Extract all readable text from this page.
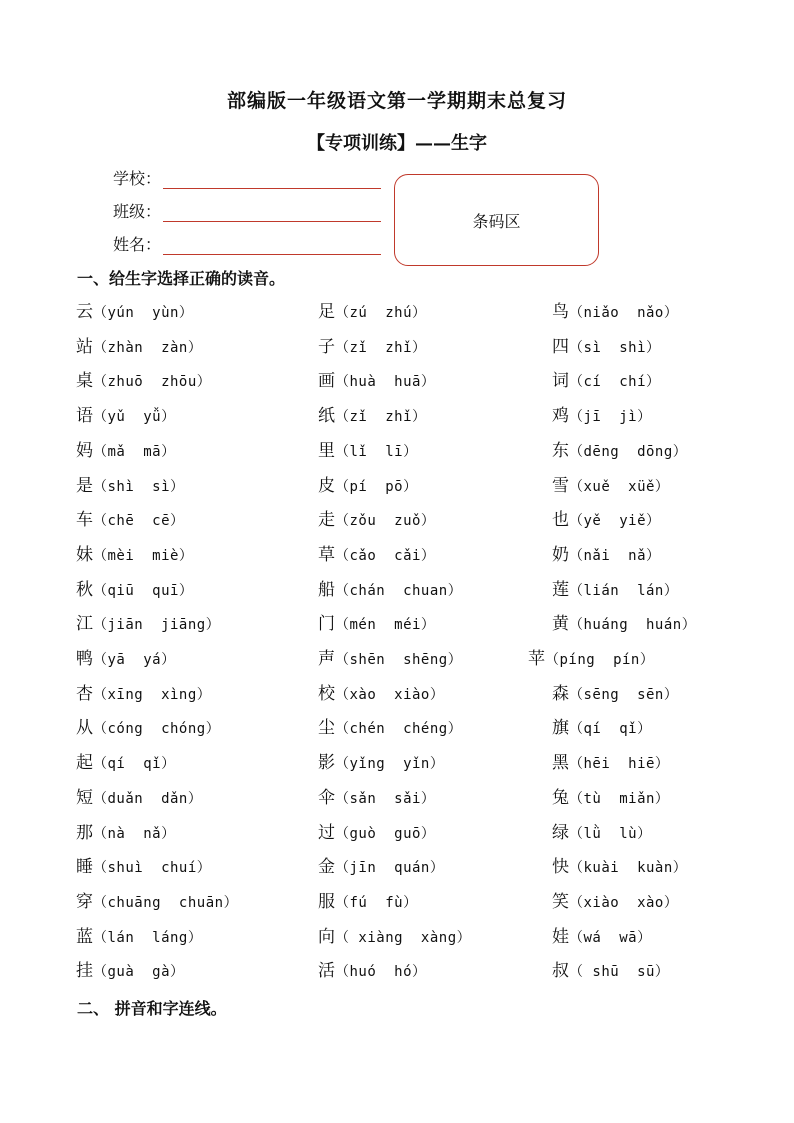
部编版一年级语文第一学期期末总复习
【专项训练】——生字
学校：
班级：
姓名：
条码区
一、给生字选择正确的读音。
云（yún  yùn）	足（zú  zhú）	鸟（niǎo  nǎo）
站（zhàn  zàn）	子（zǐ  zhǐ）	四（sì  shì）
桌（zhuō  zhōu）	画（huà  huā）	词（cí  chí）
语（yǔ  yǚ）	纸（zǐ  zhǐ）	鸡（jī  jì）
妈（mǎ  mā）	里（lǐ  lī）	东（dēng  dōng）
是（shì  sì）	皮（pí  pō）	雪（xuě  xüě）
车（chē  cē）	走（zǒu  zuǒ）	也（yě  yiě）
妹（mèi  miè）	草（cǎo  cǎi）	奶（nǎi  nǎ）
秋（qiū  quī）	船（chán  chuan）	莲（lián  lán）
江（jiān  jiāng）	门（mén  méi）	黄（huáng  huán）
鸭（yā  yá）	声（shēn  shēng）	苹（píng  pín）
杏（xīng  xìng）	校（xào  xiào）	森（sēng  sēn）
从（cóng  chóng）	尘（chén  chéng）	旗（qí  qǐ）
起（qí  qǐ）	影（yǐng  yǐn）	黑（hēi  hiē）
短（duǎn  dǎn）	伞（sǎn  sǎi）	兔（tù  miǎn）
那（nà  nǎ）	过（guò  guō）	绿（lǜ  lù）
睡（shuì  chuí）	金（jīn  quán）	快（kuài  kuàn）
穿（chuāng  chuān）	服（fú  fù）	笑（xiào  xào）
蓝（lán  láng）	向（ xiàng  xàng）	娃（wá  wā）
挂（guà  gà）	活（huó  hó）	叔（ shū  sū）
二、 拼音和字连线。
